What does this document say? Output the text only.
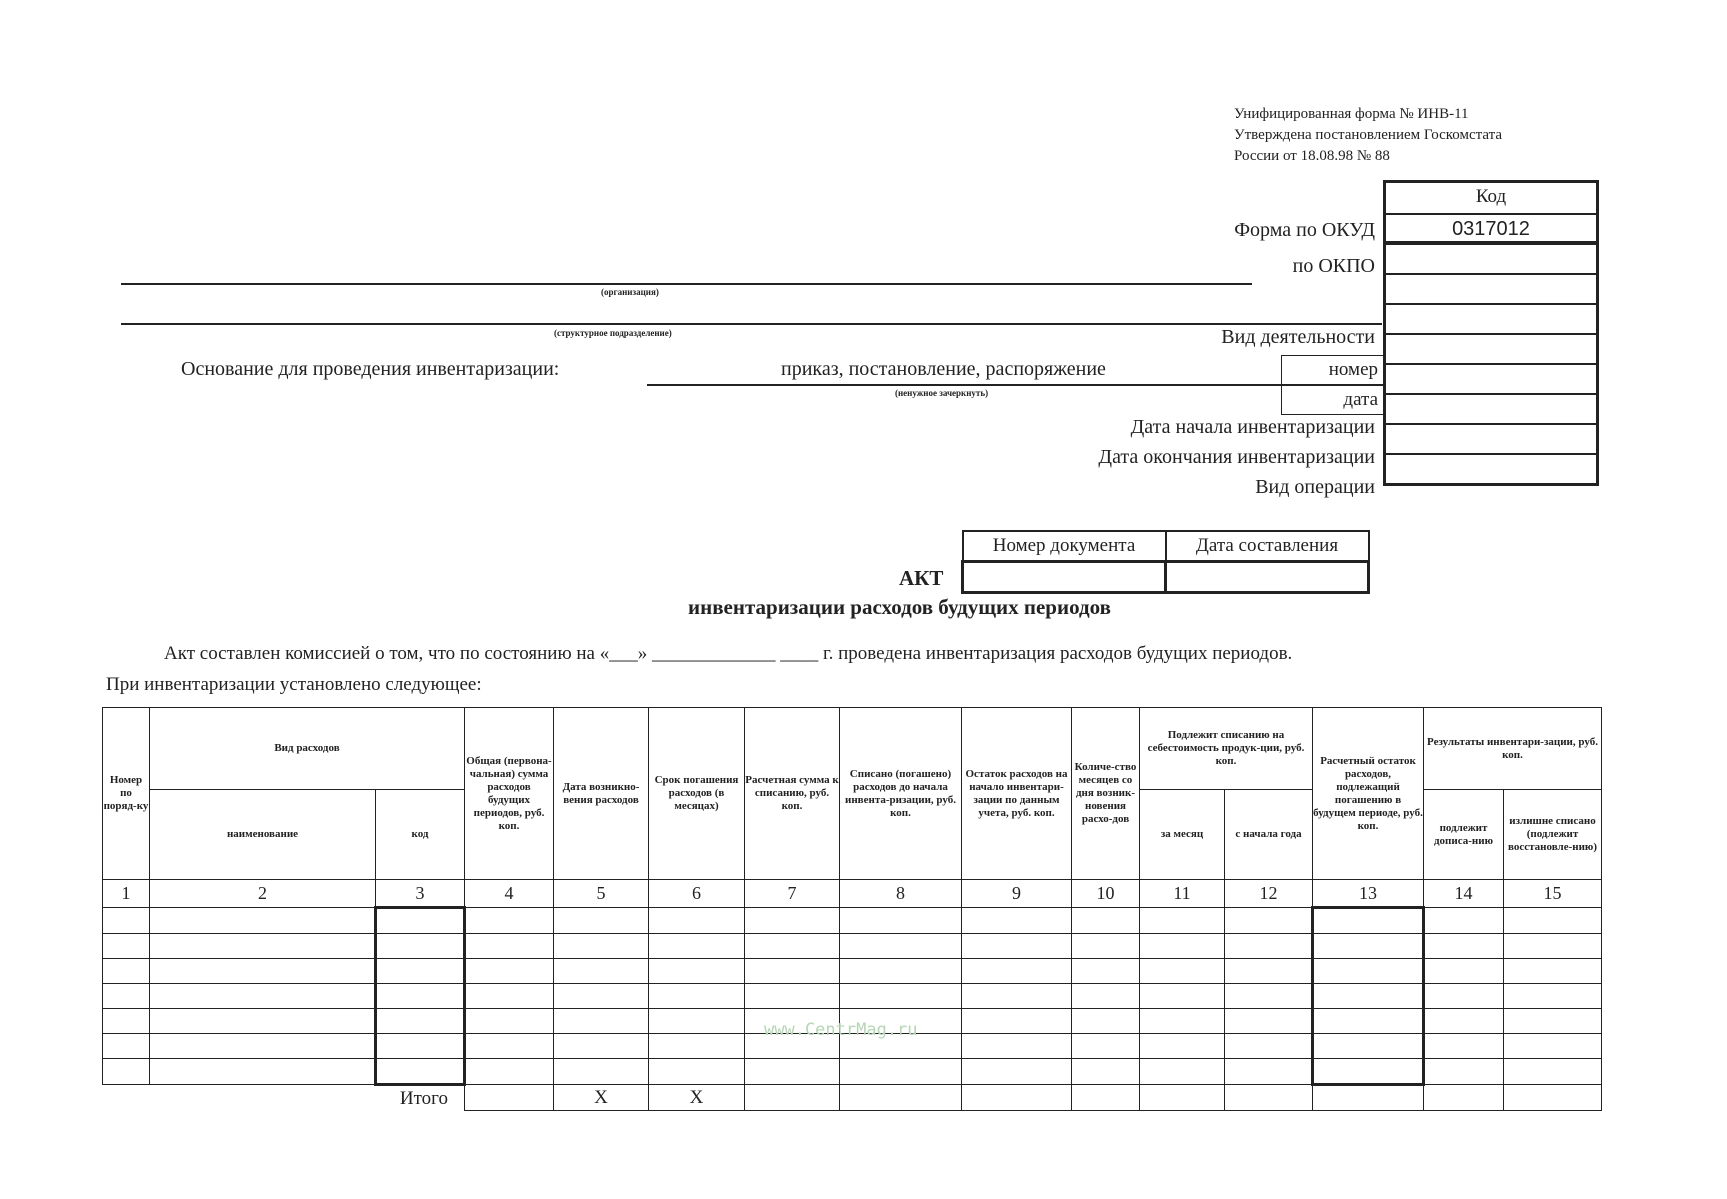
Унифицированная форма № ИНВ-11
Утверждена постановлением Госкомстата
России от 18.08.98 № 88
Код
0317012
Форма по ОКУД
по ОКПО
Вид деятельности
Дата начала инвентаризации
Дата окончания инвентаризации
Вид операции
(организация)
(структурное подразделение)
Основание для проведения инвентаризации:	приказ, постановление, распоряжение
(ненужное зачеркнуть)
номер
дата
Номер документа	Дата составления

АКТ
инвентаризации расходов будущих периодов
Акт составлен комиссией о том, что по состоянию на «___» _____________ ____ г. проведена инвентаризация расходов будущих периодов.
При инвентаризации установлено следующее:
Номер по поряд-ку	Вид расходов		Общая (первона-чальная) сумма расходов будущих периодов, руб. коп.	Дата возникно-вения расходов	Срок погашения расходов (в месяцах)	Расчетная сумма к списанию, руб. коп.	Списано (погашено) расходов до начала инвента-ризации, руб. коп.	Остаток расходов на начало инвентари-зации по данным учета, руб. коп.	Количе-ство месяцев со дня возник-новения расхо-дов	Подлежит списанию на себестоимость продук-ции, руб. коп.		Расчетный остаток расходов, подлежащий погашению в будущем периоде, руб. коп.	Результаты инвентари-зации, руб. коп.	
	наименование	код								за месяц	с начала года		подлежит дописа-нию	излишне списано (подлежит восстановле-нию)
1	2	3	4	5	6	7	8	9	10	11	12	13	14	15

Итого				X	X									
www.CentrMag.ru
